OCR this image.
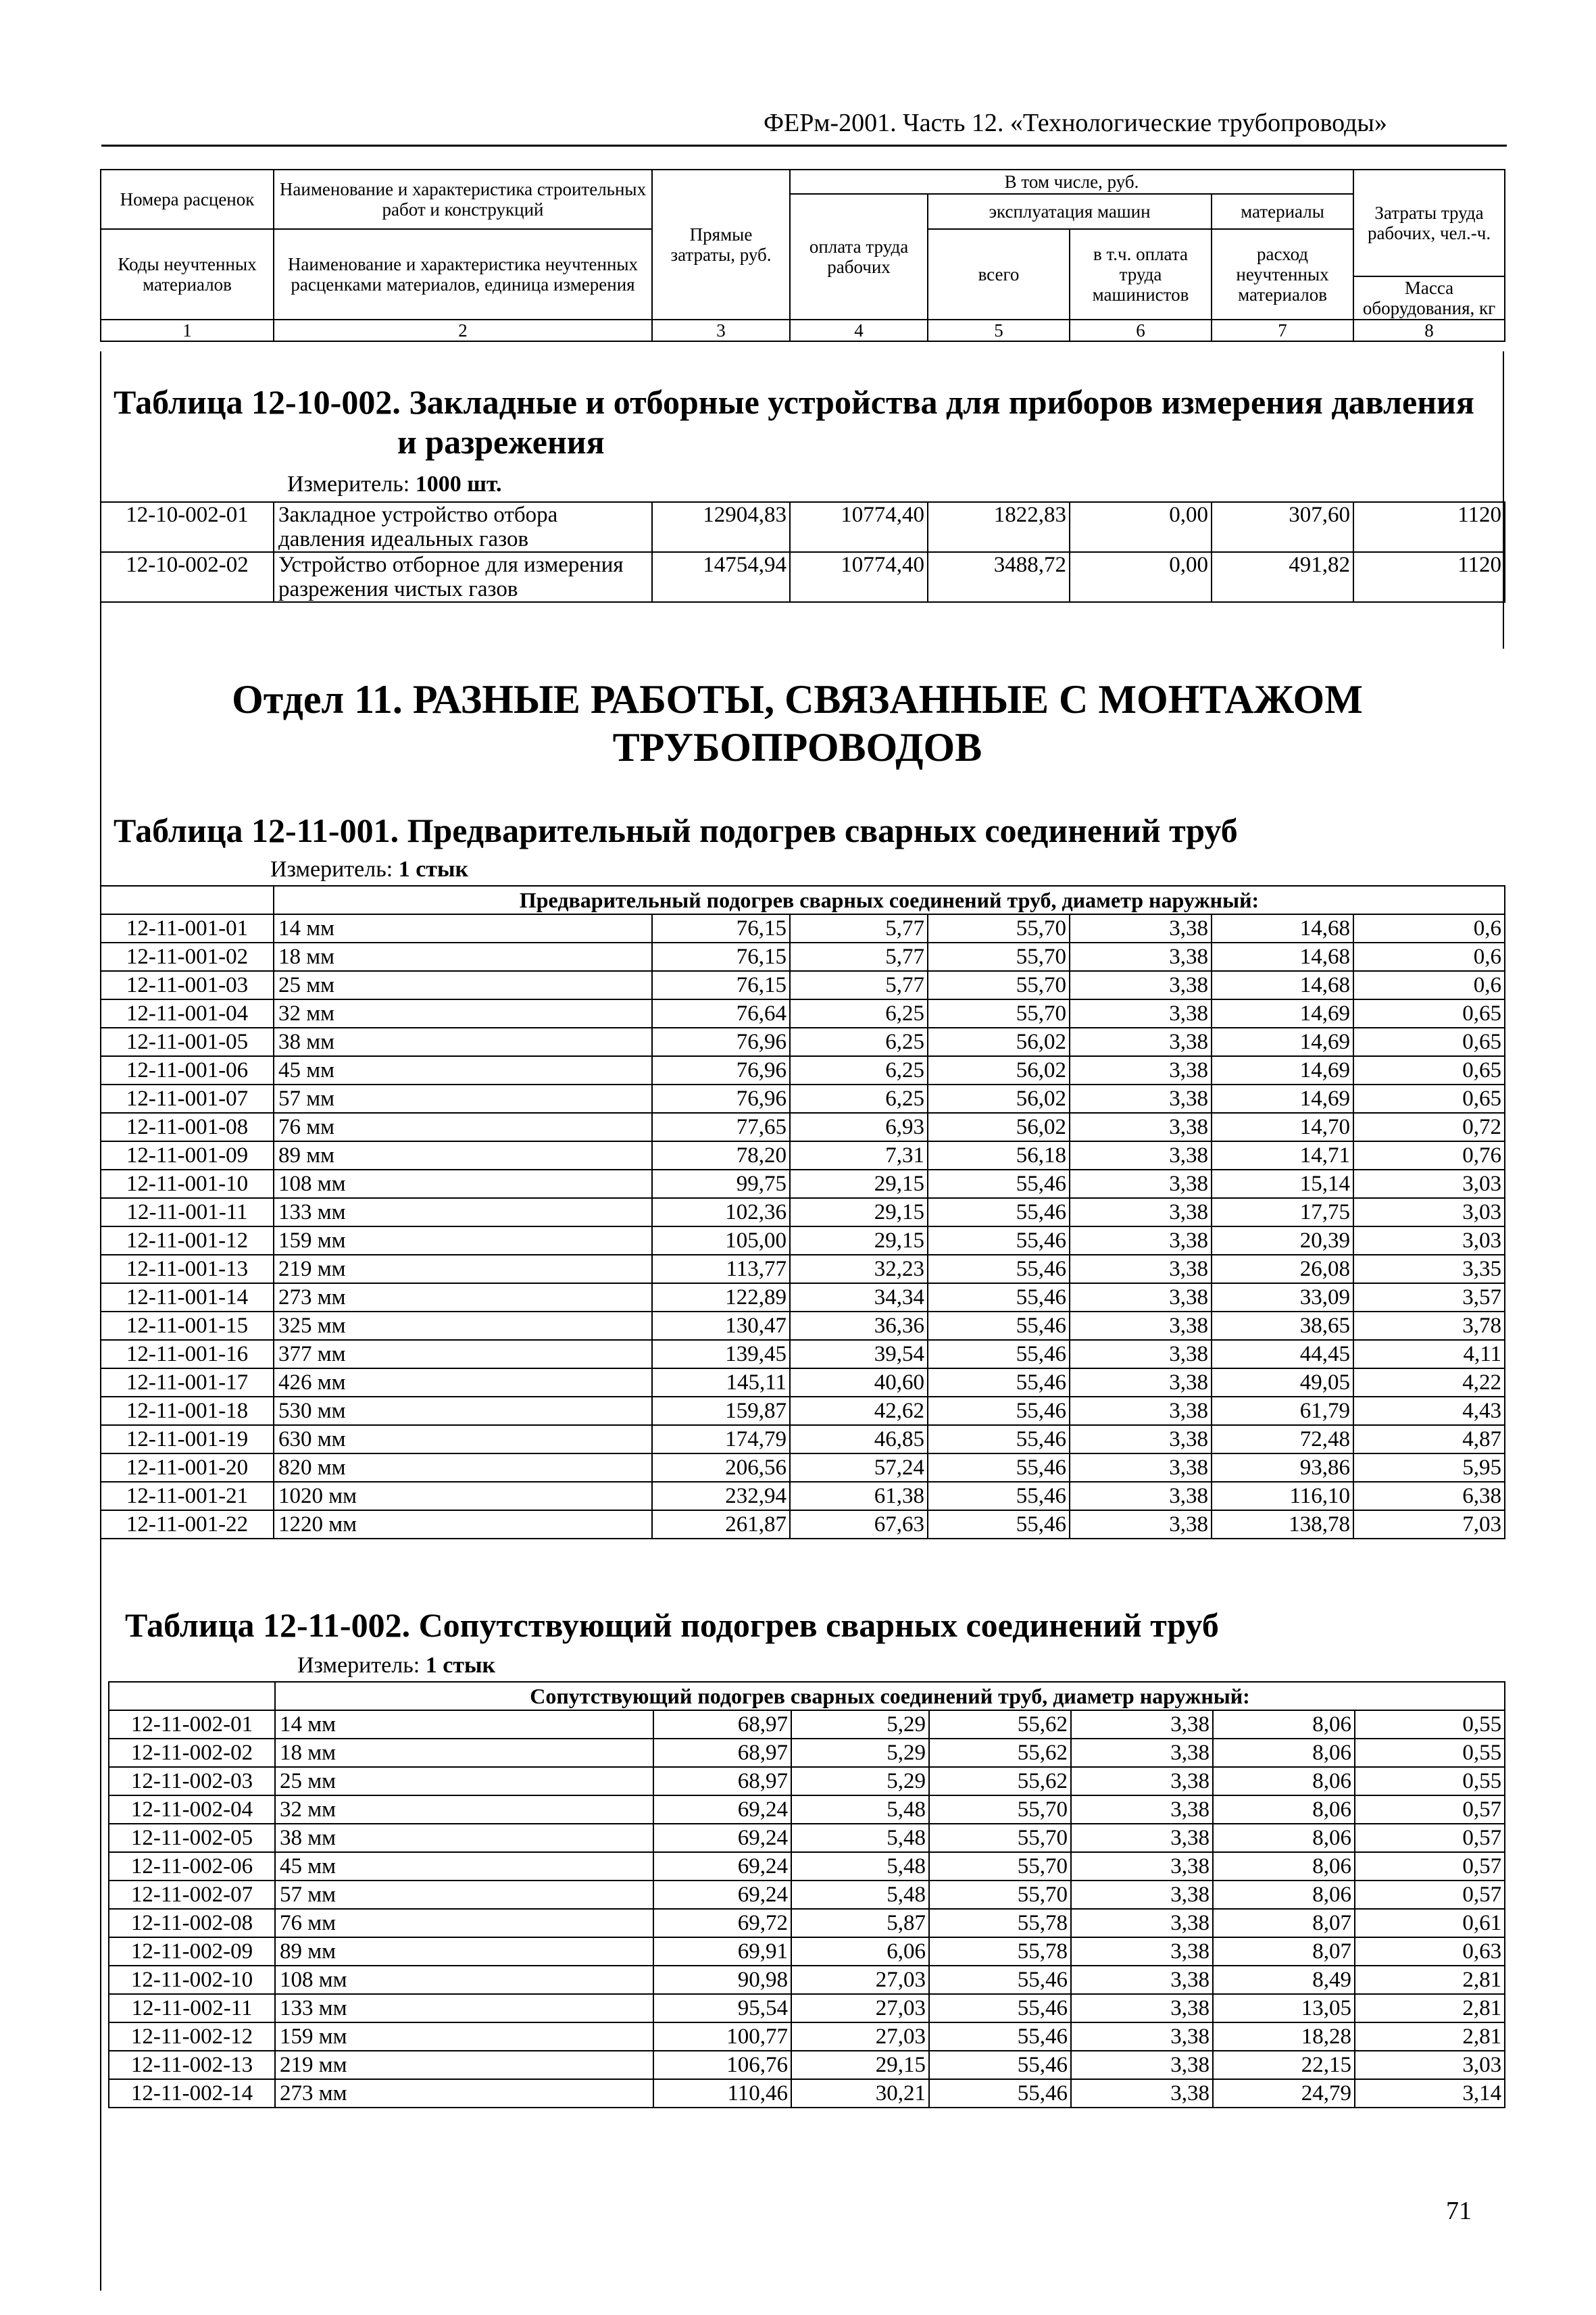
ФЕРм-2001. Часть 12. «Технологические трубопроводы»
Номера расценок	Наименование и характеристика строительных работ и конструкций	Прямые затраты, руб.	В том числе, руб.				Затраты труда рабочих, чел.-ч.
			оплата труда рабочих	эксплуатация машин		материалы	
Коды неучтенных материалов	Наименование и характеристика неучтенных расценками материалов, единица измерения			всего	в т.ч. оплата труда машинистов	расход неучтенных материалов	
							Масса оборудования, кг
1	2	3	4	5	6	7	8
Таблица 12-10-002. Закладные и отборные устройства для приборов измерения давления
и разрежения
Измеритель: 1000 шт.
12-10-002-01	Закладное устройство отбора давления идеальных газов	12904,83	10774,40	1822,83	0,00	307,60	1120
12-10-002-02	Устройство отборное для измерения разрежения чистых газов	14754,94	10774,40	3488,72	0,00	491,82	1120
Отдел 11. РАЗНЫЕ РАБОТЫ, СВЯЗАННЫЕ С МОНТАЖОМ ТРУБОПРОВОДОВ
Таблица 12-11-001. Предварительный подогрев сварных соединений труб
Измеритель: 1 стык
	Предварительный подогрев сварных соединений труб, диаметр наружный:						
12-11-001-01	14 мм	76,15	5,77	55,70	3,38	14,68	0,6
12-11-001-02	18 мм	76,15	5,77	55,70	3,38	14,68	0,6
12-11-001-03	25 мм	76,15	5,77	55,70	3,38	14,68	0,6
12-11-001-04	32 мм	76,64	6,25	55,70	3,38	14,69	0,65
12-11-001-05	38 мм	76,96	6,25	56,02	3,38	14,69	0,65
12-11-001-06	45 мм	76,96	6,25	56,02	3,38	14,69	0,65
12-11-001-07	57 мм	76,96	6,25	56,02	3,38	14,69	0,65
12-11-001-08	76 мм	77,65	6,93	56,02	3,38	14,70	0,72
12-11-001-09	89 мм	78,20	7,31	56,18	3,38	14,71	0,76
12-11-001-10	108 мм	99,75	29,15	55,46	3,38	15,14	3,03
12-11-001-11	133 мм	102,36	29,15	55,46	3,38	17,75	3,03
12-11-001-12	159 мм	105,00	29,15	55,46	3,38	20,39	3,03
12-11-001-13	219 мм	113,77	32,23	55,46	3,38	26,08	3,35
12-11-001-14	273 мм	122,89	34,34	55,46	3,38	33,09	3,57
12-11-001-15	325 мм	130,47	36,36	55,46	3,38	38,65	3,78
12-11-001-16	377 мм	139,45	39,54	55,46	3,38	44,45	4,11
12-11-001-17	426 мм	145,11	40,60	55,46	3,38	49,05	4,22
12-11-001-18	530 мм	159,87	42,62	55,46	3,38	61,79	4,43
12-11-001-19	630 мм	174,79	46,85	55,46	3,38	72,48	4,87
12-11-001-20	820 мм	206,56	57,24	55,46	3,38	93,86	5,95
12-11-001-21	1020 мм	232,94	61,38	55,46	3,38	116,10	6,38
12-11-001-22	1220 мм	261,87	67,63	55,46	3,38	138,78	7,03
Таблица 12-11-002. Сопутствующий подогрев сварных соединений труб
Измеритель: 1 стык
	Сопутствующий подогрев сварных соединений труб, диаметр наружный:						
12-11-002-01	14 мм	68,97	5,29	55,62	3,38	8,06	0,55
12-11-002-02	18 мм	68,97	5,29	55,62	3,38	8,06	0,55
12-11-002-03	25 мм	68,97	5,29	55,62	3,38	8,06	0,55
12-11-002-04	32 мм	69,24	5,48	55,70	3,38	8,06	0,57
12-11-002-05	38 мм	69,24	5,48	55,70	3,38	8,06	0,57
12-11-002-06	45 мм	69,24	5,48	55,70	3,38	8,06	0,57
12-11-002-07	57 мм	69,24	5,48	55,70	3,38	8,06	0,57
12-11-002-08	76 мм	69,72	5,87	55,78	3,38	8,07	0,61
12-11-002-09	89 мм	69,91	6,06	55,78	3,38	8,07	0,63
12-11-002-10	108 мм	90,98	27,03	55,46	3,38	8,49	2,81
12-11-002-11	133 мм	95,54	27,03	55,46	3,38	13,05	2,81
12-11-002-12	159 мм	100,77	27,03	55,46	3,38	18,28	2,81
12-11-002-13	219 мм	106,76	29,15	55,46	3,38	22,15	3,03
12-11-002-14	273 мм	110,46	30,21	55,46	3,38	24,79	3,14
71
